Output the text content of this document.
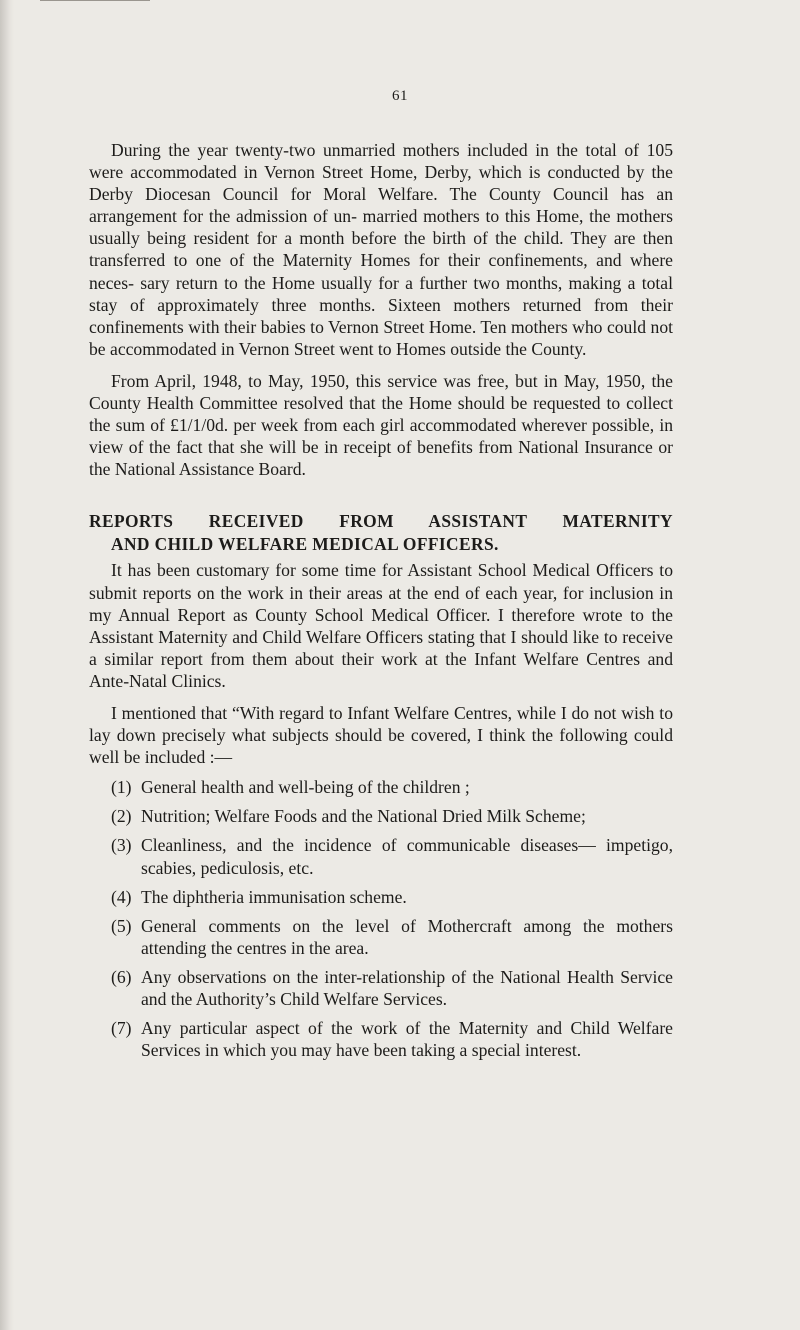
61

During the year twenty-two unmarried mothers included in the total of 105 were accommodated in Vernon Street Home, Derby, which is conducted by the Derby Diocesan Council for Moral Welfare. The County Council has an arrangement for the admission of un- married mothers to this Home, the mothers usually being resident for a month before the birth of the child. They are then transferred to one of the Maternity Homes for their confinements, and where neces- sary return to the Home usually for a further two months, making a total stay of approximately three months. Sixteen mothers returned from their confinements with their babies to Vernon Street Home. Ten mothers who could not be accommodated in Vernon Street went to Homes outside the County.

From April, 1948, to May, 1950, this service was free, but in May, 1950, the County Health Committee resolved that the Home should be requested to collect the sum of £1/1/0d. per week from each girl accommodated wherever possible, in view of the fact that she will be in receipt of benefits from National Insurance or the National Assistance Board.

REPORTS RECEIVED FROM ASSISTANT MATERNITY
AND CHILD WELFARE MEDICAL OFFICERS.

It has been customary for some time for Assistant School Medical Officers to submit reports on the work in their areas at the end of each year, for inclusion in my Annual Report as County School Medical Officer. I therefore wrote to the Assistant Maternity and Child Welfare Officers stating that I should like to receive a similar report from them about their work at the Infant Welfare Centres and Ante-Natal Clinics.

I mentioned that “With regard to Infant Welfare Centres, while I do not wish to lay down precisely what subjects should be covered, I think the following could well be included :—

(1) General health and well-being of the children ;
(2) Nutrition; Welfare Foods and the National Dried Milk Scheme;
(3) Cleanliness, and the incidence of communicable diseases— impetigo, scabies, pediculosis, etc.
(4) The diphtheria immunisation scheme.
(5) General comments on the level of Mothercraft among the mothers attending the centres in the area.
(6) Any observations on the inter-relationship of the National Health Service and the Authority’s Child Welfare Services.
(7) Any particular aspect of the work of the Maternity and Child Welfare Services in which you may have been taking a special interest.
